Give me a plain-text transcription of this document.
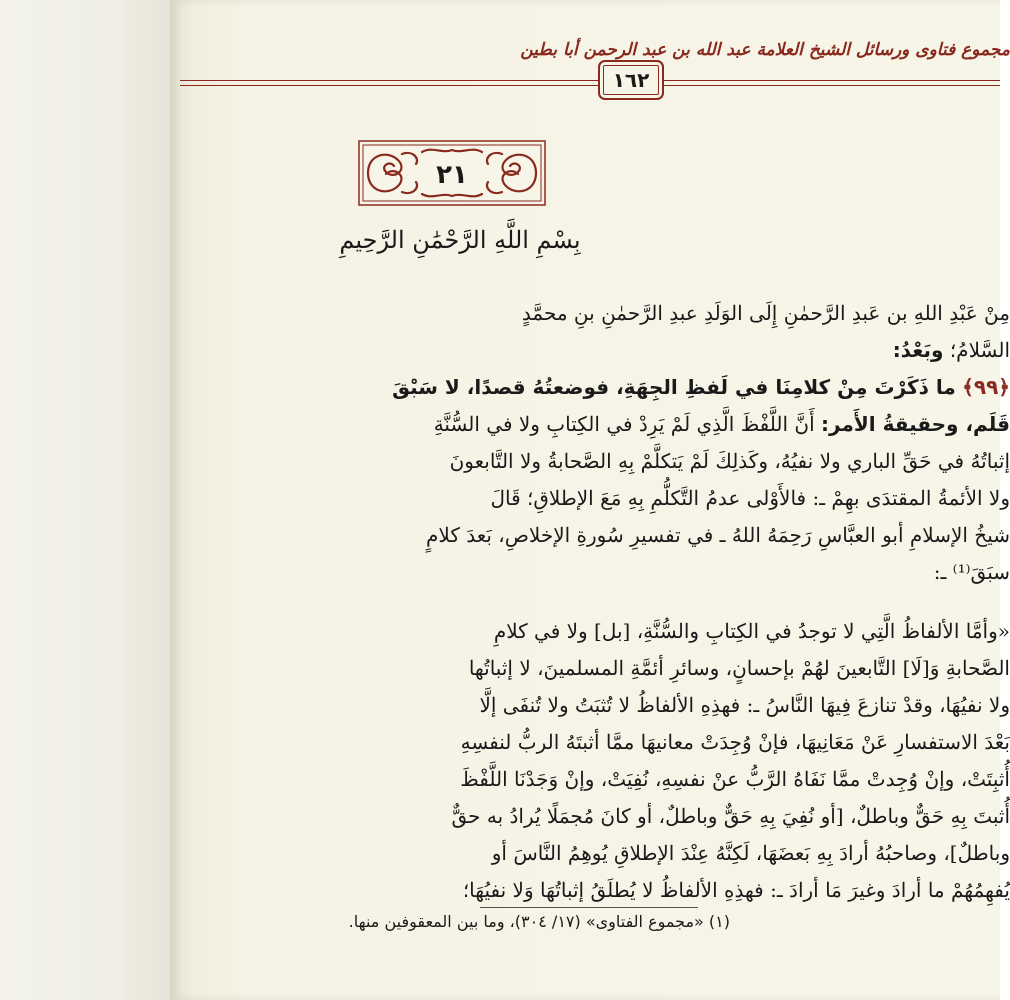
مجموع فتاوى ورسائل الشيخ العلامة عبد الله بن عبد الرحمن أبا بطين
١٦٢
٢١
بِسْمِ اللَّهِ الرَّحْمَٰنِ الرَّحِيمِ
مِنْ عَبْدِ اللهِ بن عَبدِ الرَّحمٰنِ إِلَى الوَلَدِ عبدِ الرَّحمٰنِ بنِ محمَّدٍ
السَّلامُ؛ وبَعْدُ:
﴿٩٩﴾ ما ذَكَرْتَ مِنْ كلامِنَا في لَفظِ الجِهَةِ، فوضعتُهُ قصدًا، لا سَبْقَ
قَلَم، وحقيقةُ الأَمر: أَنَّ اللَّفْظَ الَّذِي لَمْ يَرِدْ في الكِتابِ ولا في السُّنَّةِ
إثباتُهُ في حَقِّ الباري ولا نفيُهُ، وكَذلِكَ لَمْ يَتكلَّمْ بِهِ الصَّحابةُ ولا التَّابعونَ
ولا الأئمةُ المقتدَى بهِمْ ـ: فالأَوْلى عدمُ التَّكلُّمِ بِهِ مَعَ الإطلاقِ؛ قَالَ
شيخُ الإسلامِ أبو العبَّاسِ رَحِمَهُ اللهُ ـ في تفسيرِ سُورةِ الإخلاصِ، بَعدَ كلامٍ
سبَقَ⁽¹⁾ ـ:
«وأمَّا الألفاظُ الَّتِي لا توجدُ في الكِتابِ والسُّنَّةِ، [بل] ولا في كلامِ
الصَّحابةِ وَ[لَا] التَّابعينَ لهُمْ بإحسانٍ، وسائرِ أئمَّةِ المسلمينَ، لا إثباتُها
ولا نفيُهَا، وقدْ تنازعَ فِيهَا النَّاسُ ـ: فهذِهِ الألفاظُ لا تُثبَتُ ولا تُنفَى إلَّا
بَعْدَ الاستفسارِ عَنْ مَعَانِيهَا، فإنْ وُجِدَتْ معانيهَا ممَّا أثبتَهُ الربُّ لنفسِهِ
أُثبِتَتْ، وإنْ وُجِدتْ ممَّا نَفَاهُ الرَّبُّ عنْ نفسِهِ، نُفِيَتْ، وإنْ وَجَدْنَا اللَّفْظَ
أُثبتَ بِهِ حَقٌّ وباطلٌ، [أو نُفِيَ بِهِ حَقٌّ وباطلٌ، أو كانَ مُجمَلًا يُرادُ به حقٌّ
وباطلٌ]، وصاحبُهُ أرادَ بِهِ بَعضَهَا، لَكِنَّهُ عِنْدَ الإطلاقِ يُوهِمُ النَّاسَ أو
يُفهِمُهُمْ ما أرادَ وغيرَ مَا أرادَ ـ: فهذِهِ الألفاظُ لا يُطلَقُ إثباتُهَا وَلا نفيُهَا؛
(١) «مجموع الفتاوى» (١٧/ ٣٠٤)، وما بين المعقوفين منها.
